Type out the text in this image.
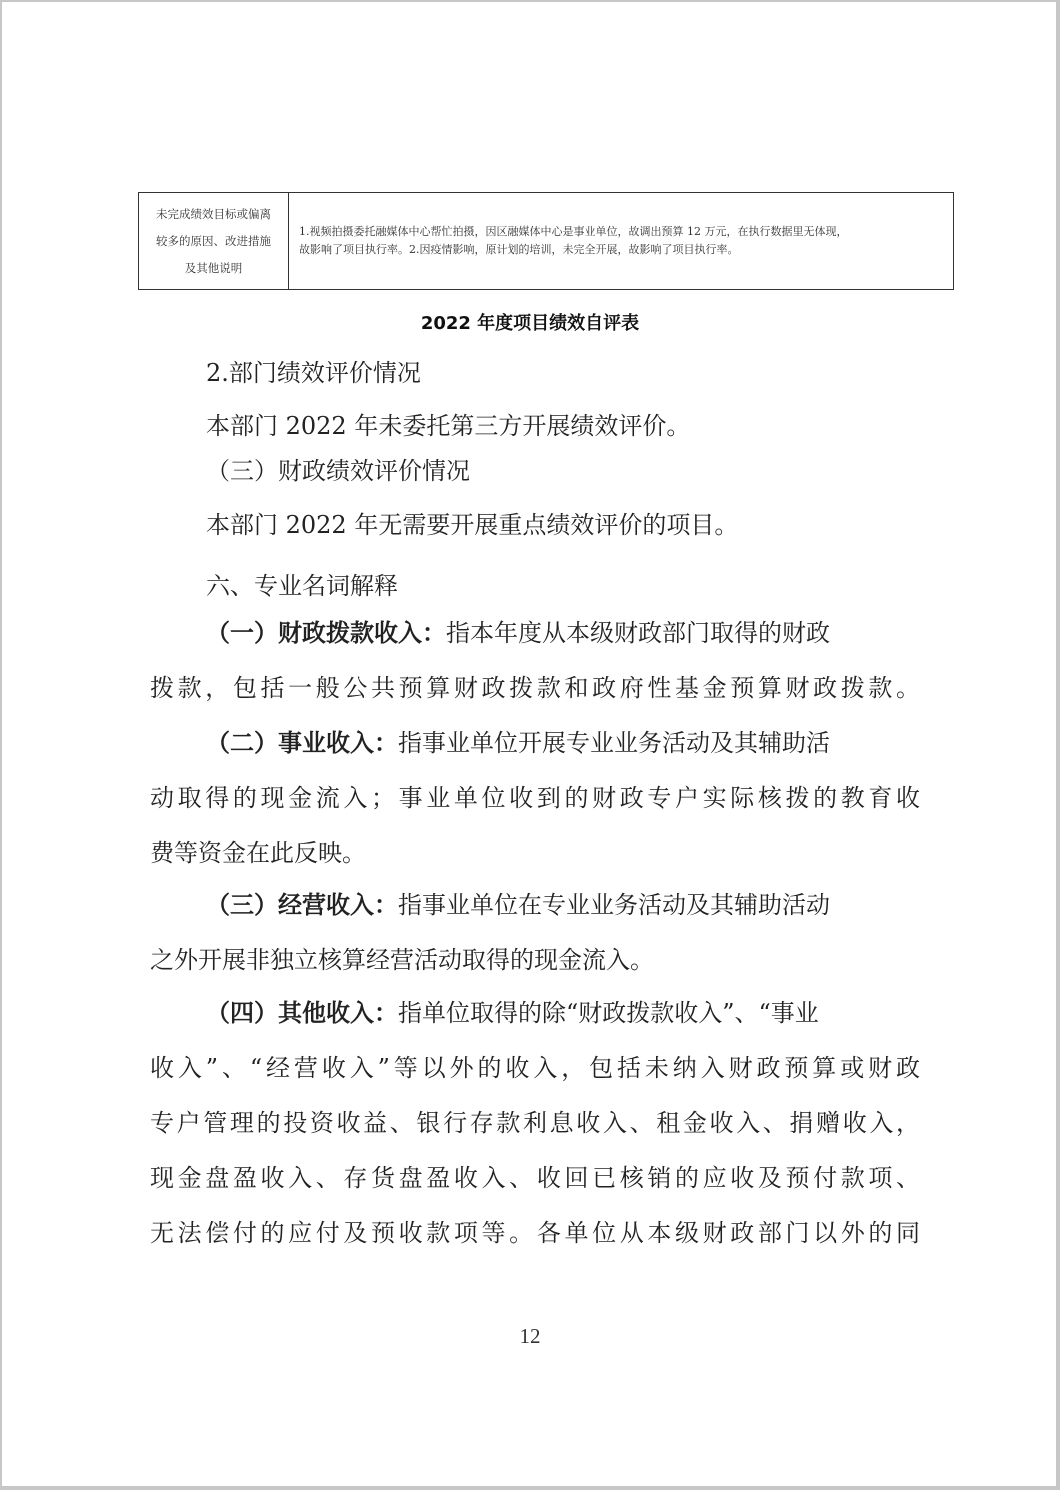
未完成绩效目标或偏离
较多的原因、改进措施
及其他说明
1.视频拍摄委托融媒体中心帮忙拍摄，因区融媒体中心是事业单位，故调出预算 12 万元，在执行数据里无体现，
故影响了项目执行率。2.因疫情影响，原计划的培训，未完全开展，故影响了项目执行率。
2022 年度项目绩效自评表
2.部门绩效评价情况
本部门 2022 年未委托第三方开展绩效评价。
（三）财政绩效评价情况
本部门 2022 年无需要开展重点绩效评价的项目。
六、专业名词解释
（一）财政拨款收入：指本年度从本级财政部门取得的财政
拨款，包括一般公共预算财政拨款和政府性基金预算财政拨款。
（二）事业收入：指事业单位开展专业业务活动及其辅助活
动取得的现金流入；事业单位收到的财政专户实际核拨的教育收
费等资金在此反映。
（三）经营收入：指事业单位在专业业务活动及其辅助活动
之外开展非独立核算经营活动取得的现金流入。
（四）其他收入：指单位取得的除“财政拨款收入”、“事业
收入”、“经营收入”等以外的收入，包括未纳入财政预算或财政
专户管理的投资收益、银行存款利息收入、租金收入、捐赠收入，
现金盘盈收入、存货盘盈收入、收回已核销的应收及预付款项、
无法偿付的应付及预收款项等。各单位从本级财政部门以外的同
12
